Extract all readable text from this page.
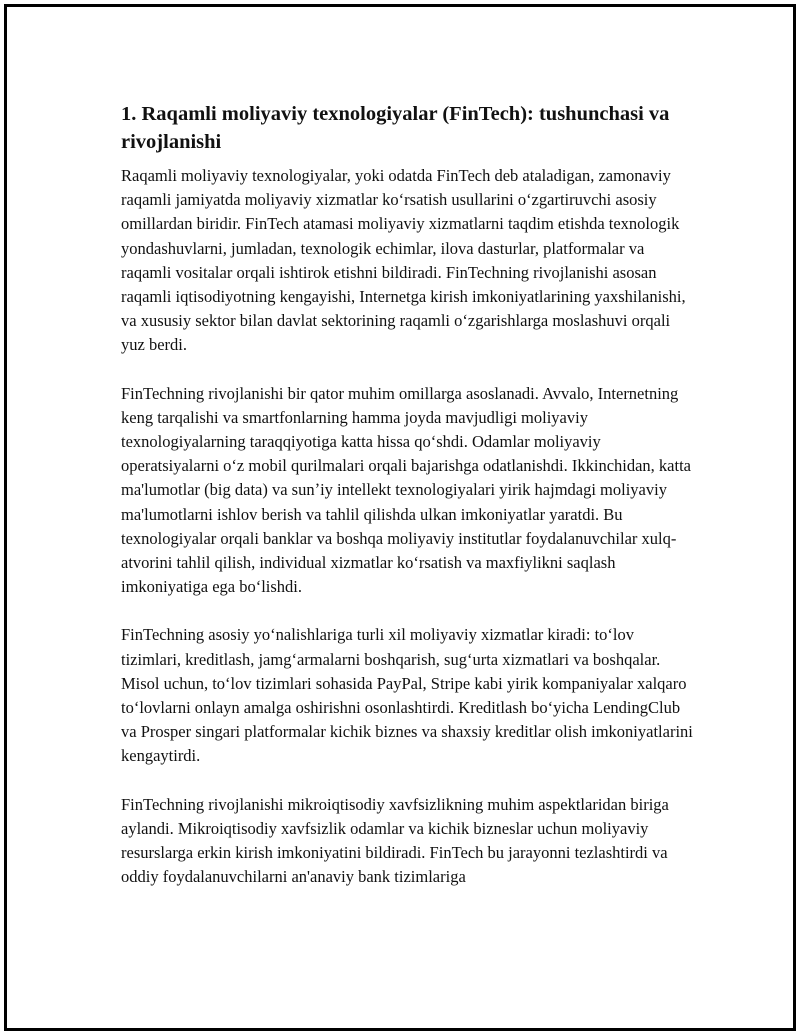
1. Raqamli moliyaviy texnologiyalar (FinTech): tushunchasi va rivojlanishi

Raqamli moliyaviy texnologiyalar, yoki odatda FinTech deb ataladigan, zamonaviy raqamli jamiyatda moliyaviy xizmatlar koʻrsatish usullarini oʻzgartiruvchi asosiy omillardan biridir. FinTech atamasi moliyaviy xizmatlarni taqdim etishda texnologik yondashuvlarni, jumladan, texnologik echimlar, ilova dasturlar, platformalar va raqamli vositalar orqali ishtirok etishni bildiradi. FinTechning rivojlanishi asosan raqamli iqtisodiyotning kengayishi, Internetga kirish imkoniyatlarining yaxshilanishi, va xususiy sektor bilan davlat sektorining raqamli oʻzgarishlarga moslashuvi orqali yuz berdi.

FinTechning rivojlanishi bir qator muhim omillarga asoslanadi. Avvalo, Internetning keng tarqalishi va smartfonlarning hamma joyda mavjudligi moliyaviy texnologiyalarning taraqqiyotiga katta hissa qoʻshdi. Odamlar moliyaviy operatsiyalarni oʻz mobil qurilmalari orqali bajarishga odatlanishdi. Ikkinchidan, katta ma'lumotlar (big data) va sunʼiy intellekt texnologiyalari yirik hajmdagi moliyaviy ma'lumotlarni ishlov berish va tahlil qilishda ulkan imkoniyatlar yaratdi. Bu texnologiyalar orqali banklar va boshqa moliyaviy institutlar foydalanuvchilar xulq-atvorini tahlil qilish, individual xizmatlar koʻrsatish va maxfiylikni saqlash imkoniyatiga ega boʻlishdi.

FinTechning asosiy yoʻnalishlariga turli xil moliyaviy xizmatlar kiradi: toʻlov tizimlari, kreditlash, jamgʻarmalarni boshqarish, sugʻurta xizmatlari va boshqalar. Misol uchun, toʻlov tizimlari sohasida PayPal, Stripe kabi yirik kompaniyalar xalqaro toʻlovlarni onlayn amalga oshirishni osonlashtirdi. Kreditlash boʻyicha LendingClub va Prosper singari platformalar kichik biznes va shaxsiy kreditlar olish imkoniyatlarini kengaytirdi.

FinTechning rivojlanishi mikroiqtisodiy xavfsizlikning muhim aspektlaridan biriga aylandi. Mikroiqtisodiy xavfsizlik odamlar va kichik bizneslar uchun moliyaviy resurslarga erkin kirish imkoniyatini bildiradi. FinTech bu jarayonni tezlashtirdi va oddiy foydalanuvchilarni an'anaviy bank tizimlariga
